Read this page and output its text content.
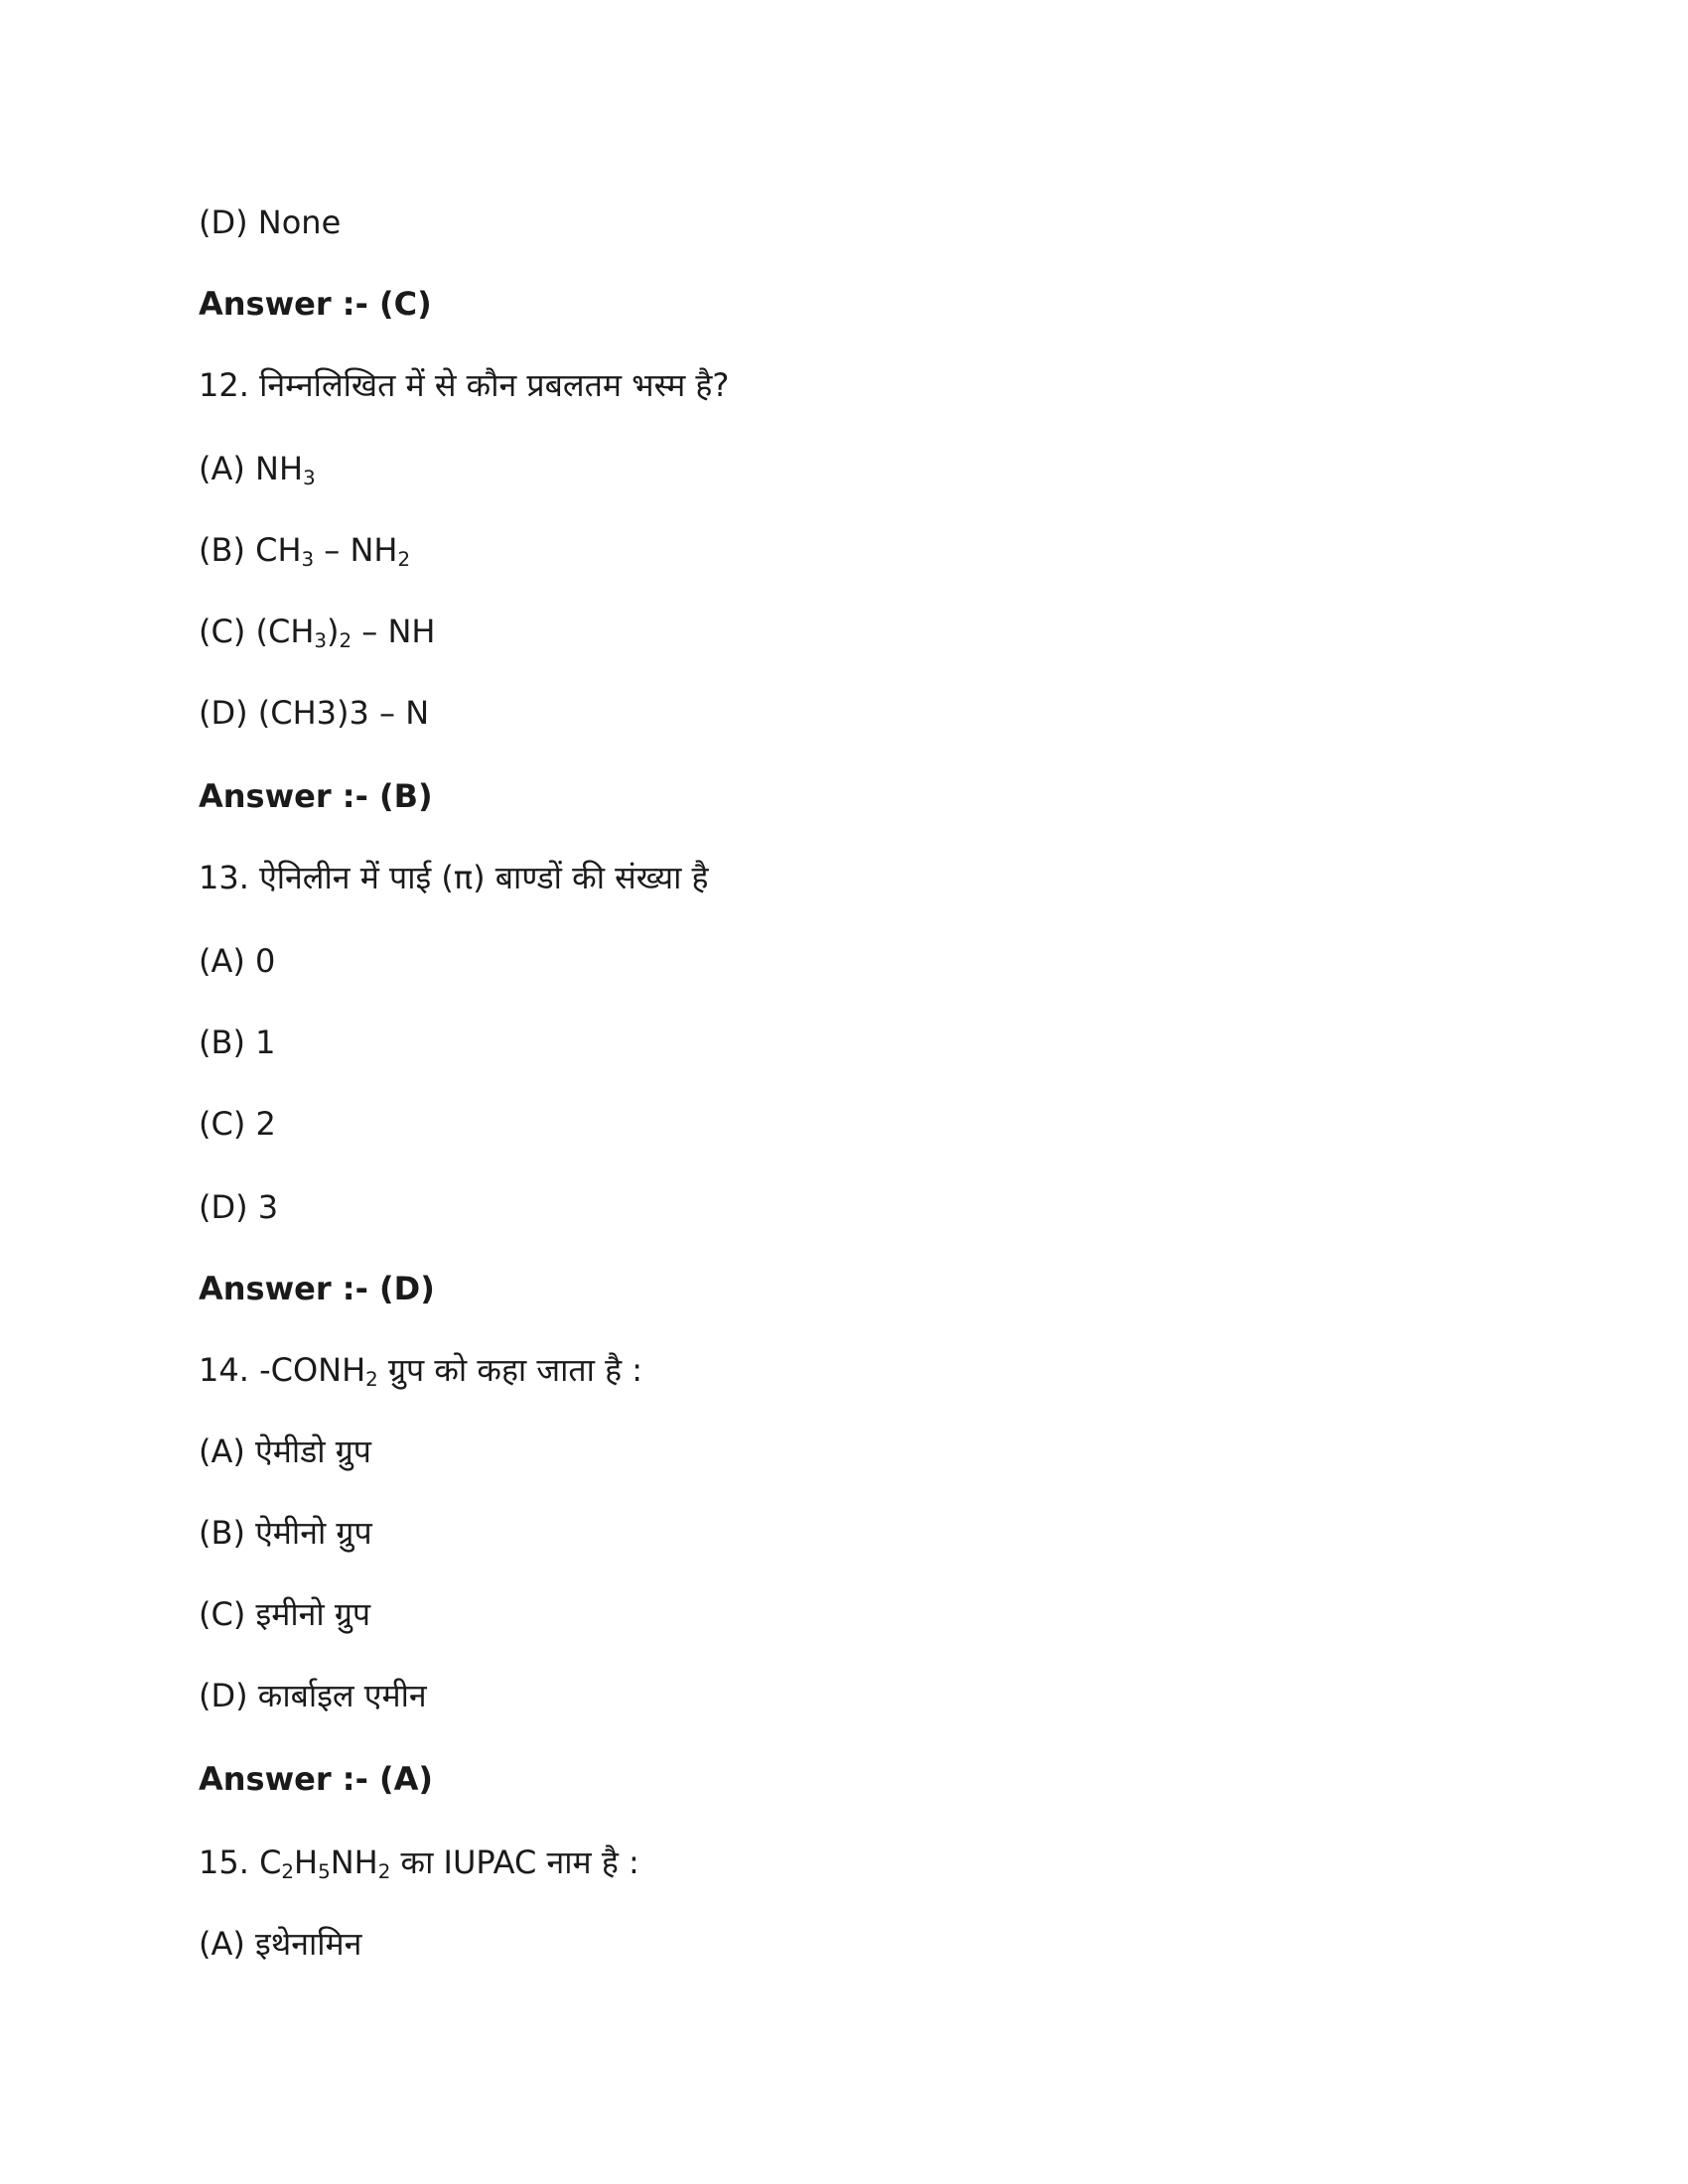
(D) None
Answer :- (C)
12. निम्नलिखित में से कौन प्रबलतम भस्म है?
(A) $NH_3$
(B) $CH_3 - NH_2$
(C) $(CH_3)_2$ – NH
(D) (CH3)3 – N
Answer :- (B)
13. ऐनिलीन में पाई (π) बाण्डों की संख्या है
(A) 0
(B) 1
(C) 2
(D) 3
Answer :- (D)
14. $-CONH_2$ ग्रुप को कहा जाता है :
(A) ऐमीडो ग्रुप
(B) ऐमीनो ग्रुप
(C) इमीनो ग्रुप
(D) कार्बाइल एमीन
Answer :- (A)
15. $C_2H_5NH_2$ का IUPAC नाम है :
(A) इथेनामिन
